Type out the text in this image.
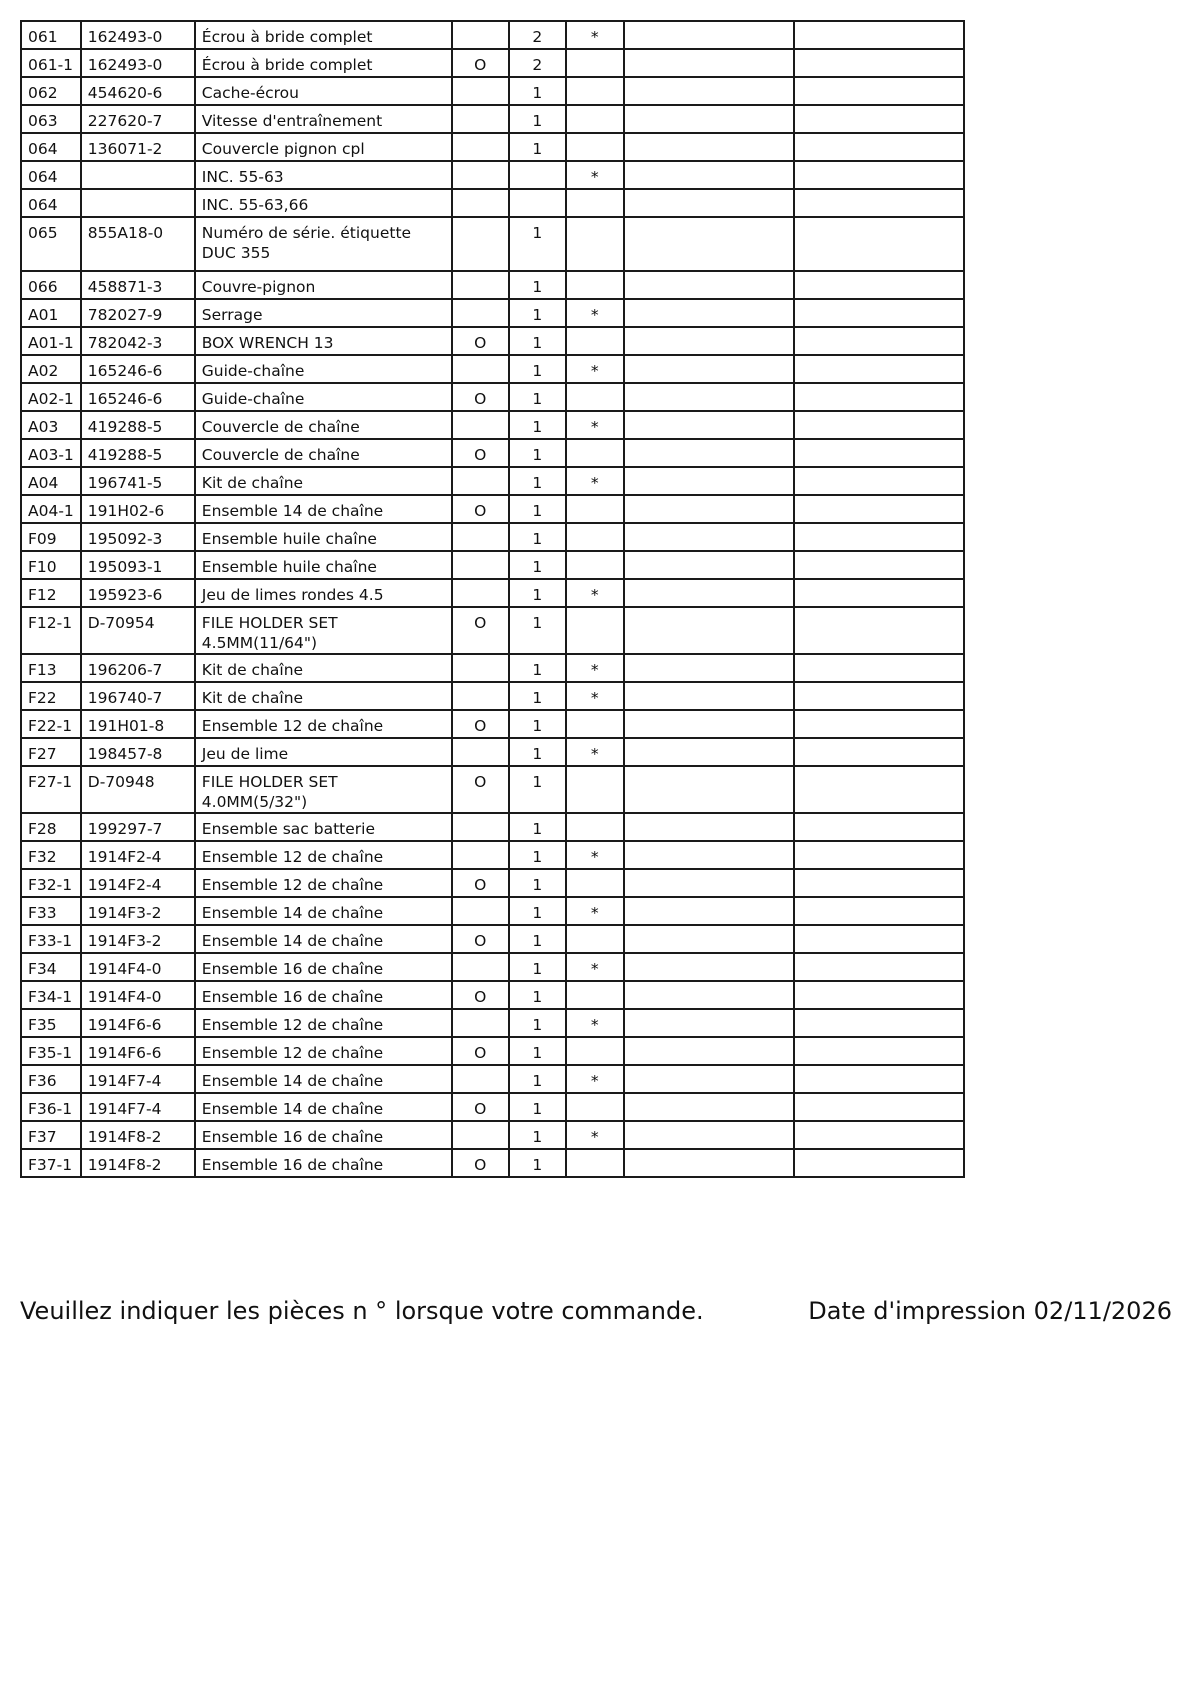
061	162493-0	Écrou à bride complet		2	*		
061-1	162493-0	Écrou à bride complet	O	2			
062	454620-6	Cache-écrou		1			
063	227620-7	Vitesse d'entraînement		1			
064	136071-2	Couvercle pignon cpl		1			
064		INC. 55-63			*		
064		INC. 55-63,66					
065	855A18-0	Numéro de série. étiquette DUC 355		1			
066	458871-3	Couvre-pignon		1			
A01	782027-9	Serrage		1	*		
A01-1	782042-3	BOX WRENCH 13	O	1			
A02	165246-6	Guide-chaîne		1	*		
A02-1	165246-6	Guide-chaîne	O	1			
A03	419288-5	Couvercle de chaîne		1	*		
A03-1	419288-5	Couvercle de chaîne	O	1			
A04	196741-5	Kit de chaîne		1	*		
A04-1	191H02-6	Ensemble 14 de chaîne	O	1			
F09	195092-3	Ensemble huile chaîne		1			
F10	195093-1	Ensemble huile chaîne		1			
F12	195923-6	Jeu de limes rondes 4.5		1	*		
F12-1	D-70954	FILE HOLDER SET 4.5MM(11/64")	O	1			
F13	196206-7	Kit de chaîne		1	*		
F22	196740-7	Kit de chaîne		1	*		
F22-1	191H01-8	Ensemble 12 de chaîne	O	1			
F27	198457-8	Jeu de lime		1	*		
F27-1	D-70948	FILE HOLDER SET 4.0MM(5/32")	O	1			
F28	199297-7	Ensemble sac batterie		1			
F32	1914F2-4	Ensemble 12 de chaîne		1	*		
F32-1	1914F2-4	Ensemble 12 de chaîne	O	1			
F33	1914F3-2	Ensemble 14 de chaîne		1	*		
F33-1	1914F3-2	Ensemble 14 de chaîne	O	1			
F34	1914F4-0	Ensemble 16 de chaîne		1	*		
F34-1	1914F4-0	Ensemble 16 de chaîne	O	1			
F35	1914F6-6	Ensemble 12 de chaîne		1	*		
F35-1	1914F6-6	Ensemble 12 de chaîne	O	1			
F36	1914F7-4	Ensemble 14 de chaîne		1	*		
F36-1	1914F7-4	Ensemble 14 de chaîne	O	1			
F37	1914F8-2	Ensemble 16 de chaîne		1	*		
F37-1	1914F8-2	Ensemble 16 de chaîne	O	1			
Veuillez indiquer les pièces n ° lorsque votre commande.	Date d'impression 02/11/2026
